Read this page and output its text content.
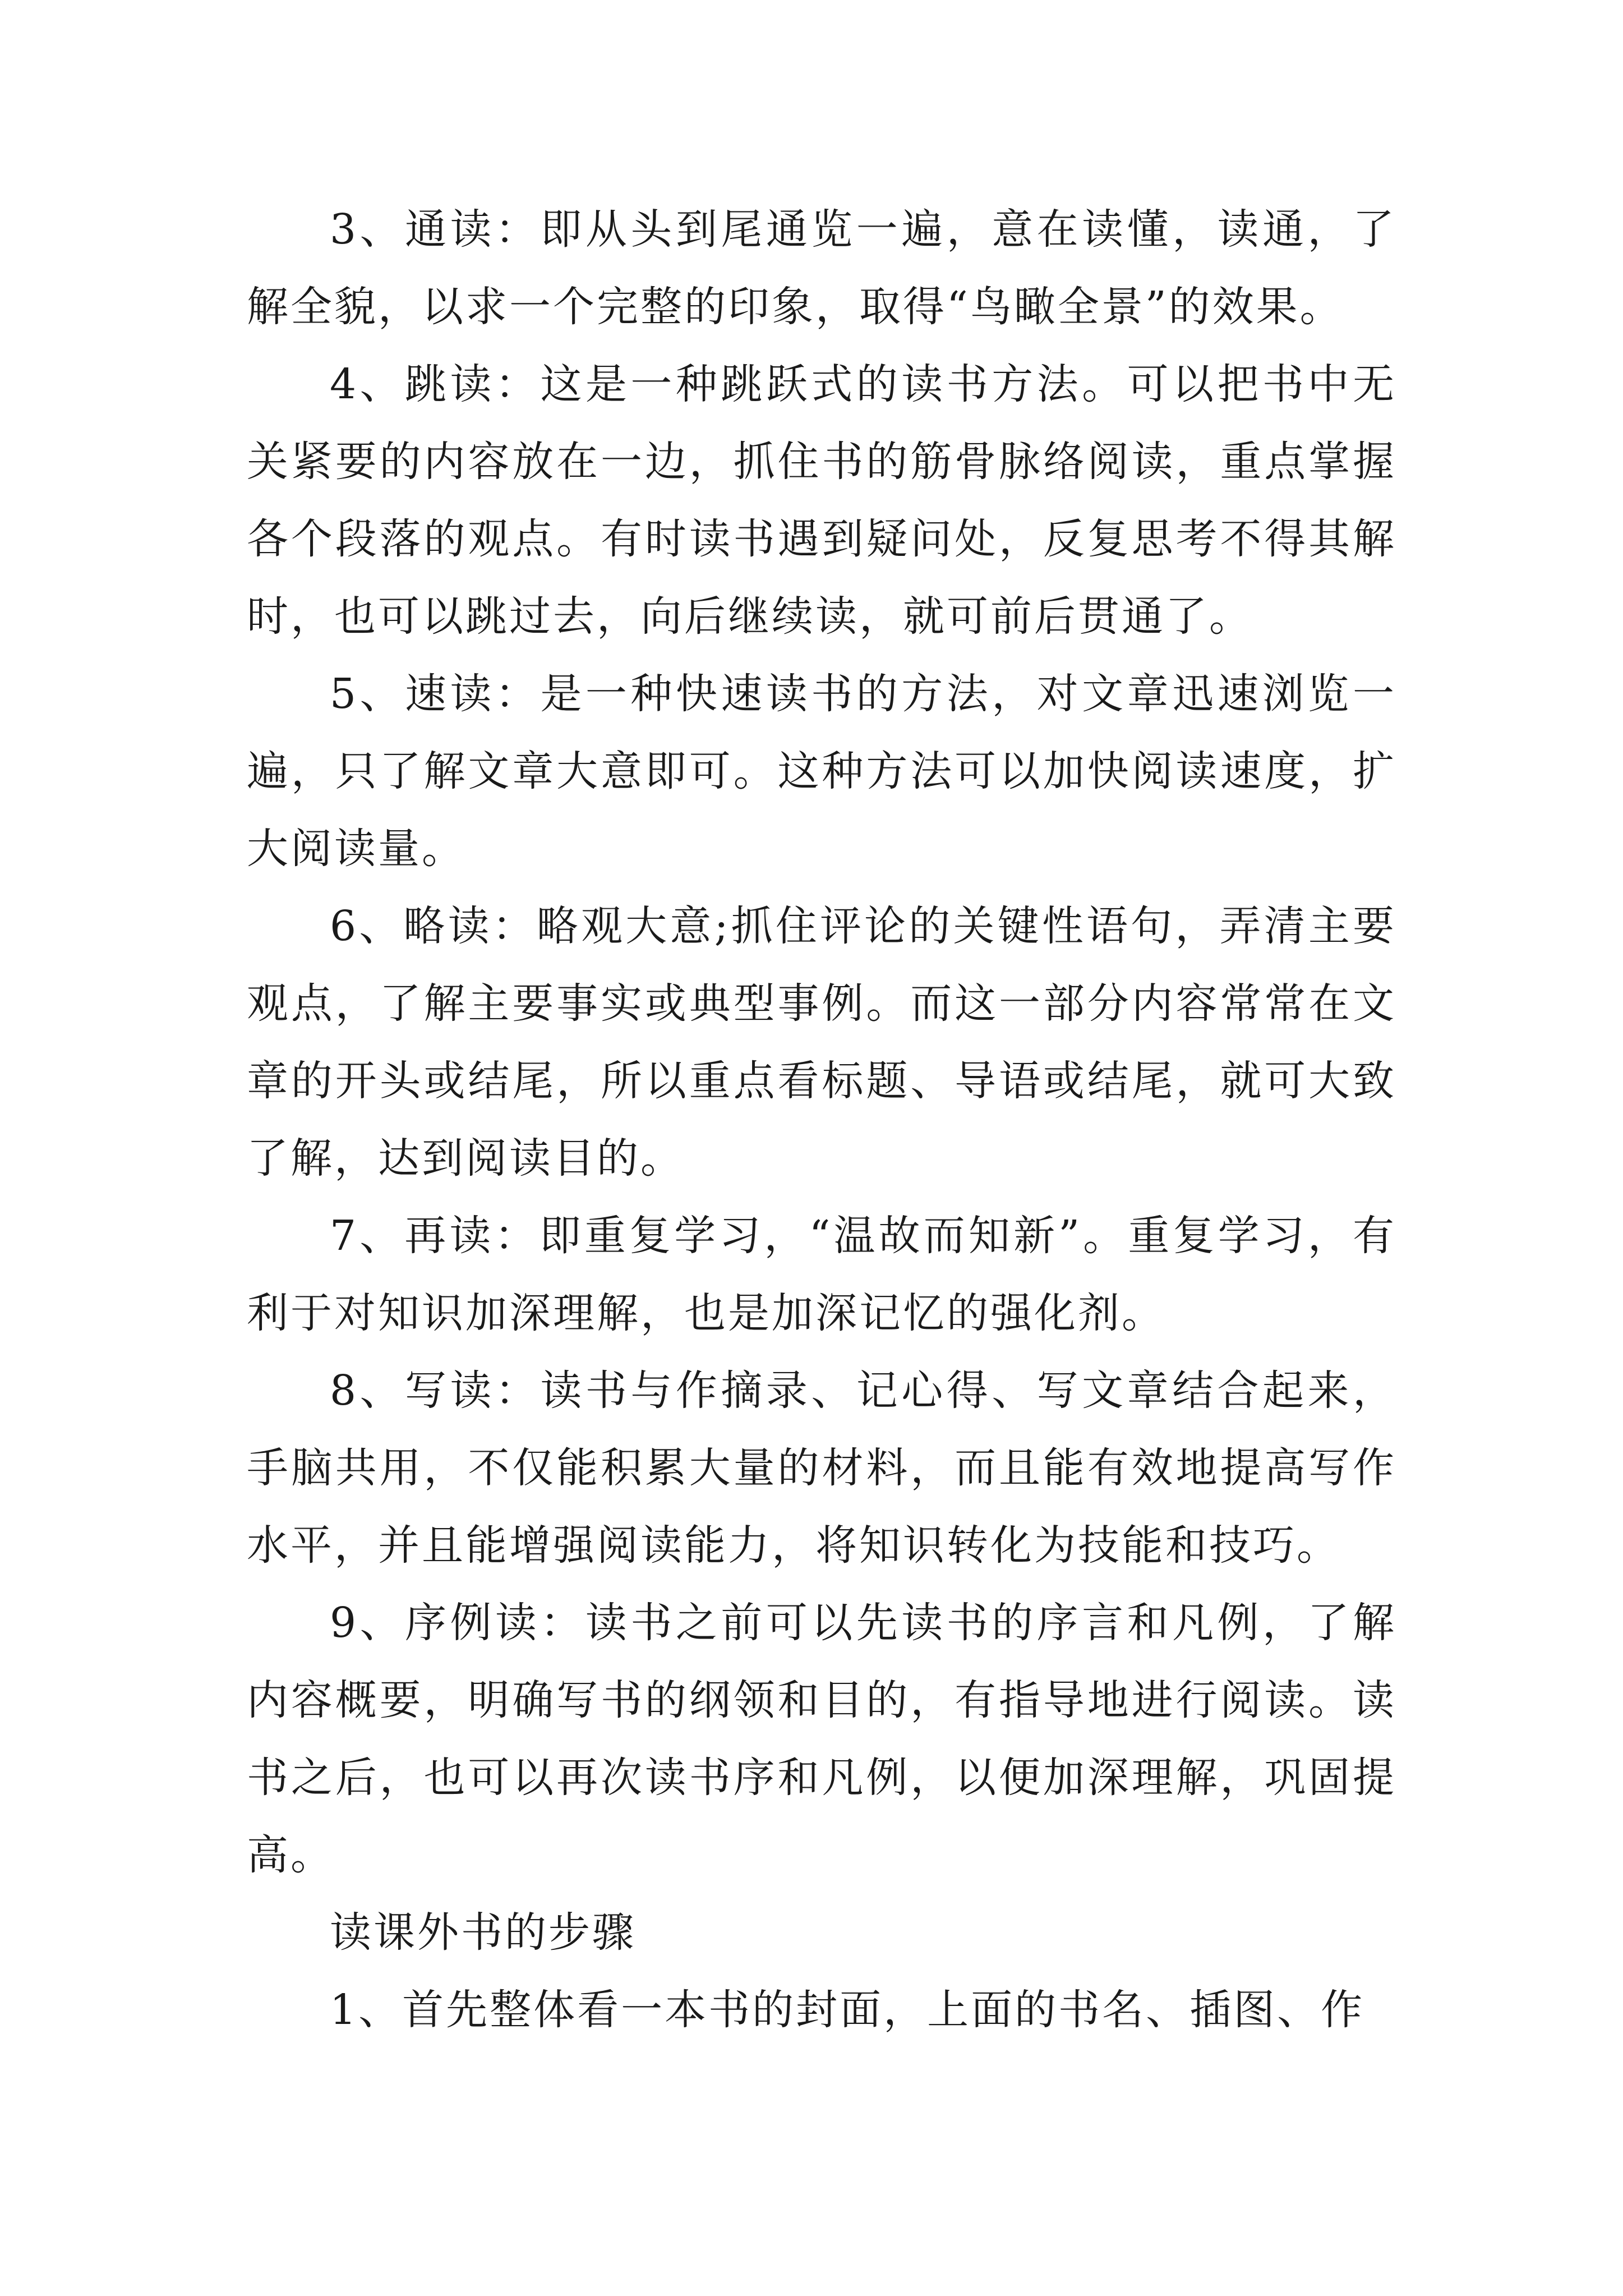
3、通读：即从头到尾通览一遍，意在读懂，读通，了解全貌，以求一个完整的印象，取得“鸟瞰全景”的效果。

4、跳读：这是一种跳跃式的读书方法。可以把书中无关紧要的内容放在一边，抓住书的筋骨脉络阅读，重点掌握各个段落的观点。有时读书遇到疑问处，反复思考不得其解时，也可以跳过去，向后继续读，就可前后贯通了。

5、速读：是一种快速读书的方法，对文章迅速浏览一遍，只了解文章大意即可。这种方法可以加快阅读速度，扩大阅读量。

6、略读：略观大意;抓住评论的关键性语句，弄清主要观点，了解主要事实或典型事例。而这一部分内容常常在文章的开头或结尾，所以重点看标题、导语或结尾，就可大致了解，达到阅读目的。

7、再读：即重复学习，“温故而知新”。重复学习，有利于对知识加深理解，也是加深记忆的强化剂。

8、写读：读书与作摘录、记心得、写文章结合起来，手脑共用，不仅能积累大量的材料，而且能有效地提高写作水平，并且能增强阅读能力，将知识转化为技能和技巧。

9、序例读：读书之前可以先读书的序言和凡例，了解内容概要，明确写书的纲领和目的，有指导地进行阅读。读书之后，也可以再次读书序和凡例，以便加深理解，巩固提高。

读课外书的步骤

1、首先整体看一本书的封面，上面的书名、插图、作
